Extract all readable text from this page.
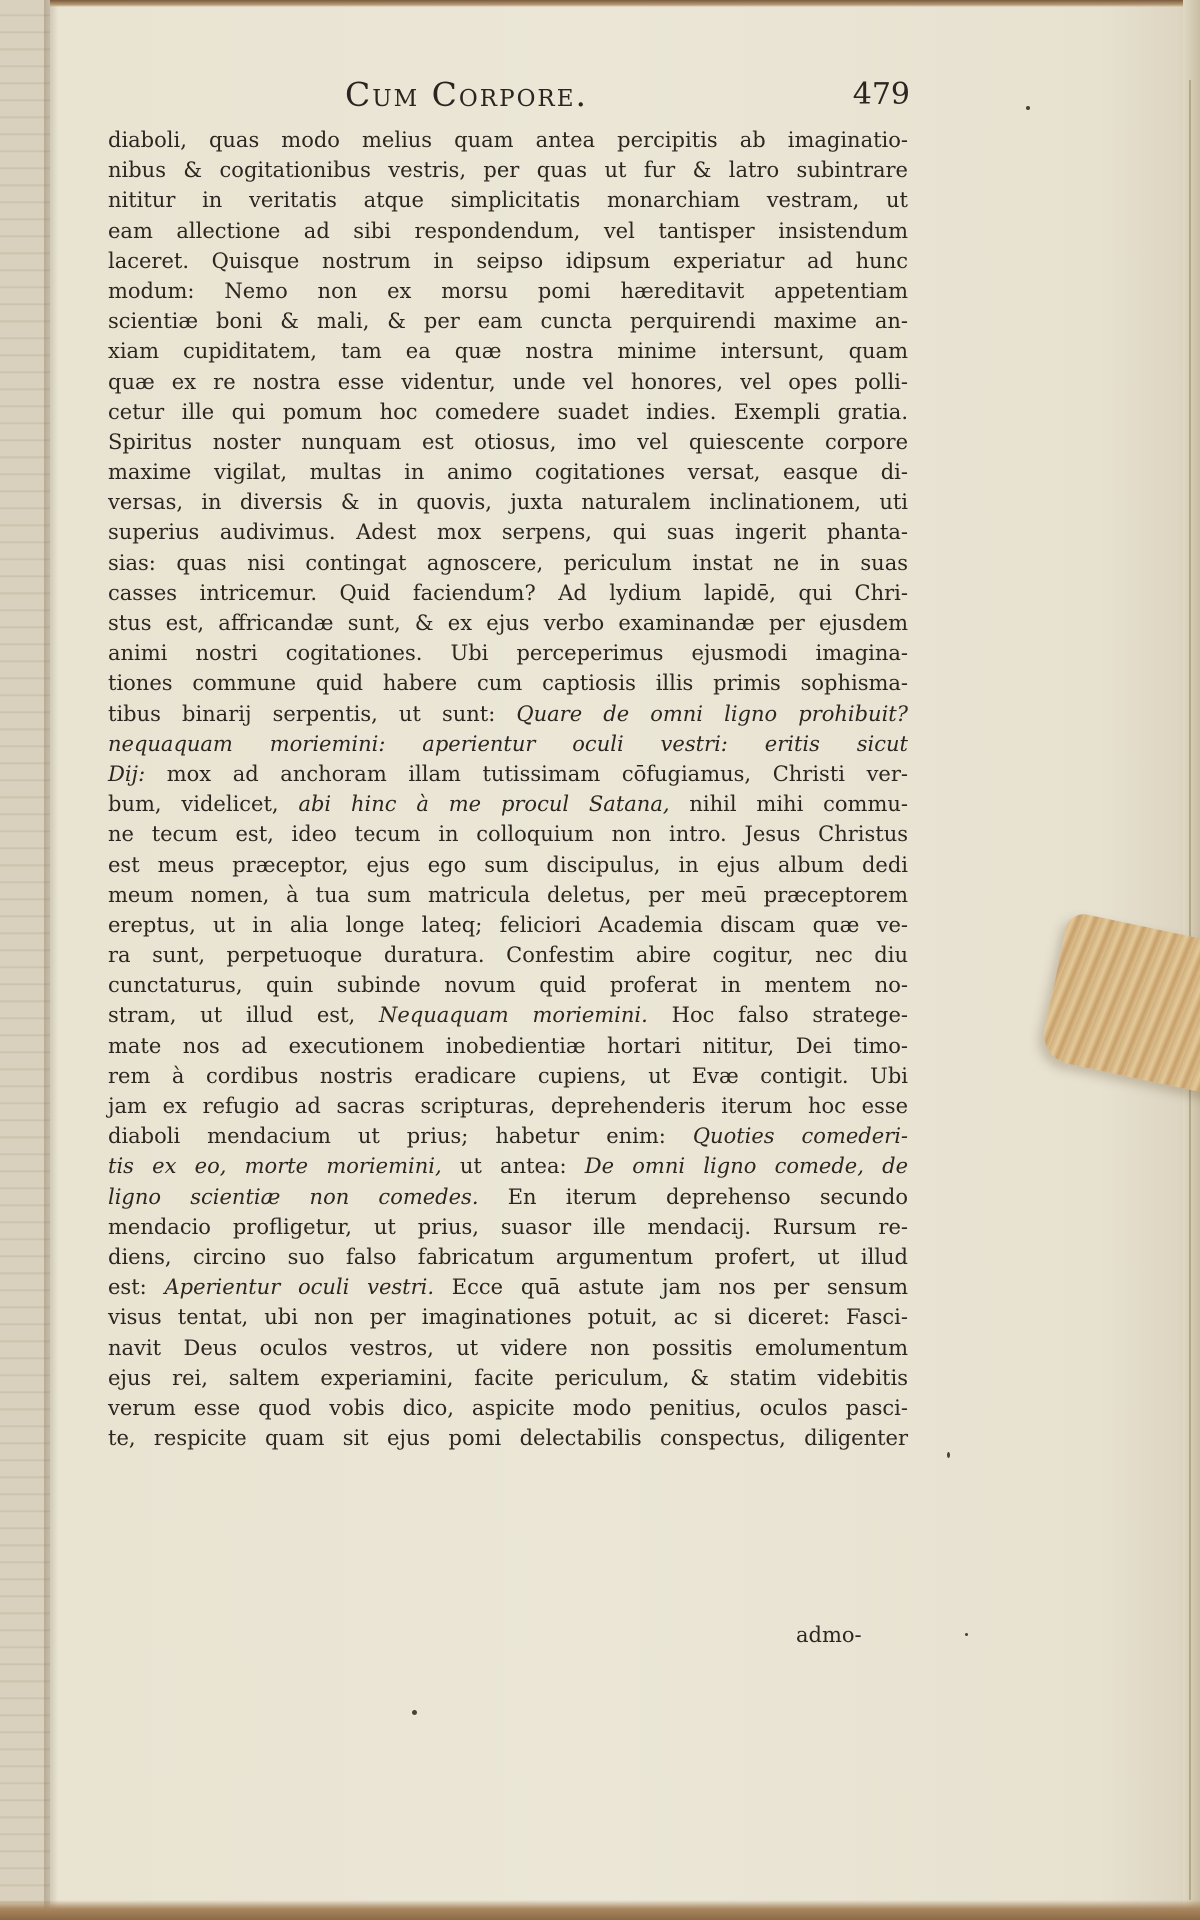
Cum Corpore.	479
diaboli, quas modo melius quam antea percipitis ab imaginatio-
nibus & cogitationibus vestris, per quas ut fur & latro subintrare
nititur in veritatis atque simplicitatis monarchiam vestram, ut
eam allectione ad sibi respondendum, vel tantisper insistendum
laceret. Quisque nostrum in seipso idipsum experiatur ad hunc
modum: Nemo non ex morsu pomi hæreditavit appetentiam
scientiæ boni & mali, & per eam cuncta perquirendi maxime an-
xiam cupiditatem, tam ea quæ nostra minime intersunt, quam
quæ ex re nostra esse videntur, unde vel honores, vel opes polli-
cetur ille qui pomum hoc comedere suadet indies. Exempli gratia.
Spiritus noster nunquam est otiosus, imo vel quiescente corpore
maxime vigilat, multas in animo cogitationes versat, easque di-
versas, in diversis & in quovis, juxta naturalem inclinationem, uti
superius audivimus. Adest mox serpens, qui suas ingerit phanta-
sias: quas nisi contingat agnoscere, periculum instat ne in suas
casses intricemur. Quid faciendum? Ad lydium lapidē, qui Chri-
stus est, affricandæ sunt, & ex ejus verbo examinandæ per ejusdem
animi nostri cogitationes. Ubi perceperimus ejusmodi imagina-
tiones commune quid habere cum captiosis illis primis sophisma-
tibus binarij serpentis, ut sunt: Quare de omni ligno prohibuit?
nequaquam moriemini: aperientur oculi vestri: eritis sicut
Dij: mox ad anchoram illam tutissimam cōfugiamus, Christi ver-
bum, videlicet, abi hinc à me procul Satana, nihil mihi commu-
ne tecum est, ideo tecum in colloquium non intro. Jesus Christus
est meus præceptor, ejus ego sum discipulus, in ejus album dedi
meum nomen, à tua sum matricula deletus, per meū præceptorem
ereptus, ut in alia longe lateq; feliciori Academia discam quæ ve-
ra sunt, perpetuoque duratura. Confestim abire cogitur, nec diu
cunctaturus, quin subinde novum quid proferat in mentem no-
stram, ut illud est, Nequaquam moriemini. Hoc falso stratege-
mate nos ad executionem inobedientiæ hortari nititur, Dei timo-
rem à cordibus nostris eradicare cupiens, ut Evæ contigit. Ubi
jam ex refugio ad sacras scripturas, deprehenderis iterum hoc esse
diaboli mendacium ut prius; habetur enim: Quoties comederi-
tis ex eo, morte moriemini, ut antea: De omni ligno comede, de
ligno scientiæ non comedes. En iterum deprehenso secundo
mendacio profligetur, ut prius, suasor ille mendacij. Rursum re-
diens, circino suo falso fabricatum argumentum profert, ut illud
est: Aperientur oculi vestri. Ecce quā astute jam nos per sensum
visus tentat, ubi non per imaginationes potuit, ac si diceret: Fasci-
navit Deus oculos vestros, ut videre non possitis emolumentum
ejus rei, saltem experiamini, facite periculum, & statim videbitis
verum esse quod vobis dico, aspicite modo penitius, oculos pasci-
te, respicite quam sit ejus pomi delectabilis conspectus, diligenter
admo-
